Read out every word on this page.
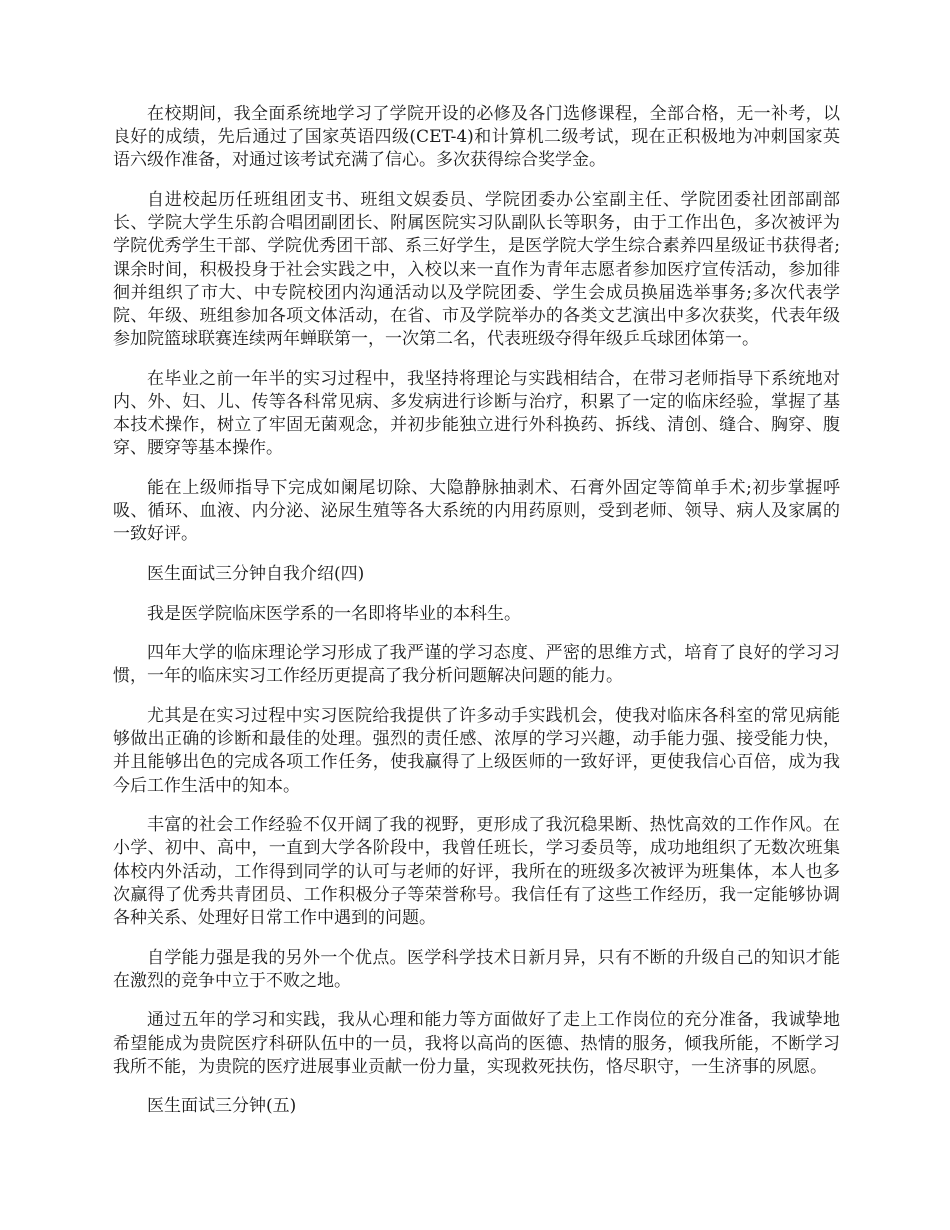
在校期间，我全面系统地学习了学院开设的必修及各门选修课程，全部合格，无一补考，以良好的成绩，先后通过了国家英语四级(CET-4)和计算机二级考试，现在正积极地为冲刺国家英语六级作准备，对通过该考试充满了信心。多次获得综合奖学金。

自进校起历任班组团支书、班组文娱委员、学院团委办公室副主任、学院团委社团部副部长、学院大学生乐韵合唱团副团长、附属医院实习队副队长等职务，由于工作出色，多次被评为学院优秀学生干部、学院优秀团干部、系三好学生，是医学院大学生综合素养四星级证书获得者;课余时间，积极投身于社会实践之中，入校以来一直作为青年志愿者参加医疗宣传活动，参加徘徊并组织了市大、中专院校团内沟通活动以及学院团委、学生会成员换届选举事务;多次代表学院、年级、班组参加各项文体活动，在省、市及学院举办的各类文艺演出中多次获奖，代表年级参加院篮球联赛连续两年蝉联第一，一次第二名，代表班级夺得年级乒乓球团体第一。

在毕业之前一年半的实习过程中，我坚持将理论与实践相结合，在带习老师指导下系统地对内、外、妇、儿、传等各科常见病、多发病进行诊断与治疗，积累了一定的临床经验，掌握了基本技术操作，树立了牢固无菌观念，并初步能独立进行外科换药、拆线、清创、缝合、胸穿、腹穿、腰穿等基本操作。

能在上级师指导下完成如阑尾切除、大隐静脉抽剥术、石膏外固定等简单手术;初步掌握呼吸、循环、血液、内分泌、泌尿生殖等各大系统的内用药原则，受到老师、领导、病人及家属的一致好评。

医生面试三分钟自我介绍(四)

我是医学院临床医学系的一名即将毕业的本科生。

四年大学的临床理论学习形成了我严谨的学习态度、严密的思维方式，培育了良好的学习习惯，一年的临床实习工作经历更提高了我分析问题解决问题的能力。

尤其是在实习过程中实习医院给我提供了许多动手实践机会，使我对临床各科室的常见病能够做出正确的诊断和最佳的处理。强烈的责任感、浓厚的学习兴趣，动手能力强、接受能力快，并且能够出色的完成各项工作任务，使我赢得了上级医师的一致好评，更使我信心百倍，成为我今后工作生活中的知本。

丰富的社会工作经验不仅开阔了我的视野，更形成了我沉稳果断、热忱高效的工作作风。在小学、初中、高中，一直到大学各阶段中，我曾任班长，学习委员等，成功地组织了无数次班集体校内外活动，工作得到同学的认可与老师的好评，我所在的班级多次被评为班集体，本人也多次赢得了优秀共青团员、工作积极分子等荣誉称号。我信任有了这些工作经历，我一定能够协调各种关系、处理好日常工作中遇到的问题。

自学能力强是我的另外一个优点。医学科学技术日新月异，只有不断的升级自己的知识才能在激烈的竞争中立于不败之地。

通过五年的学习和实践，我从心理和能力等方面做好了走上工作岗位的充分准备，我诚挚地希望能成为贵院医疗科研队伍中的一员，我将以高尚的医德、热情的服务，倾我所能，不断学习我所不能，为贵院的医疗进展事业贡献一份力量，实现救死扶伤，恪尽职守，一生济事的夙愿。

医生面试三分钟(五)
